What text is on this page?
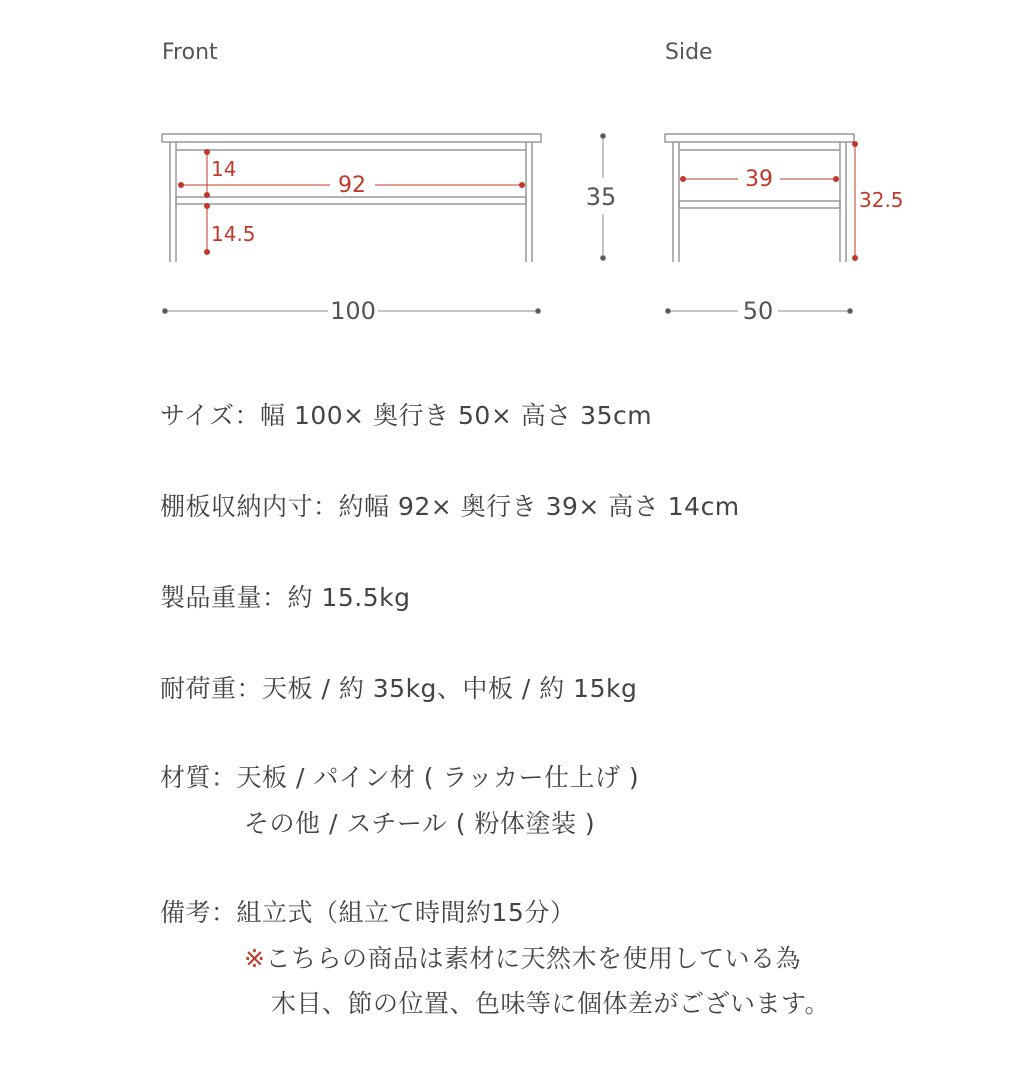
Front	Side
14
92
14.5
100
35
39
32.5
50
サイズ：幅 100× 奥行き 50× 高さ 35cm
棚板収納内寸：約幅 92× 奥行き 39× 高さ 14cm
製品重量：約 15.5kg
耐荷重：天板 / 約 35kg、中板 / 約 15kg
材質：天板 / パイン材 ( ラッカー仕上げ )
その他 / スチール ( 粉体塗装 )
備考：組立式（組立て時間約15分）
※こちらの商品は素材に天然木を使用している為
木目、節の位置、色味等に個体差がございます。
